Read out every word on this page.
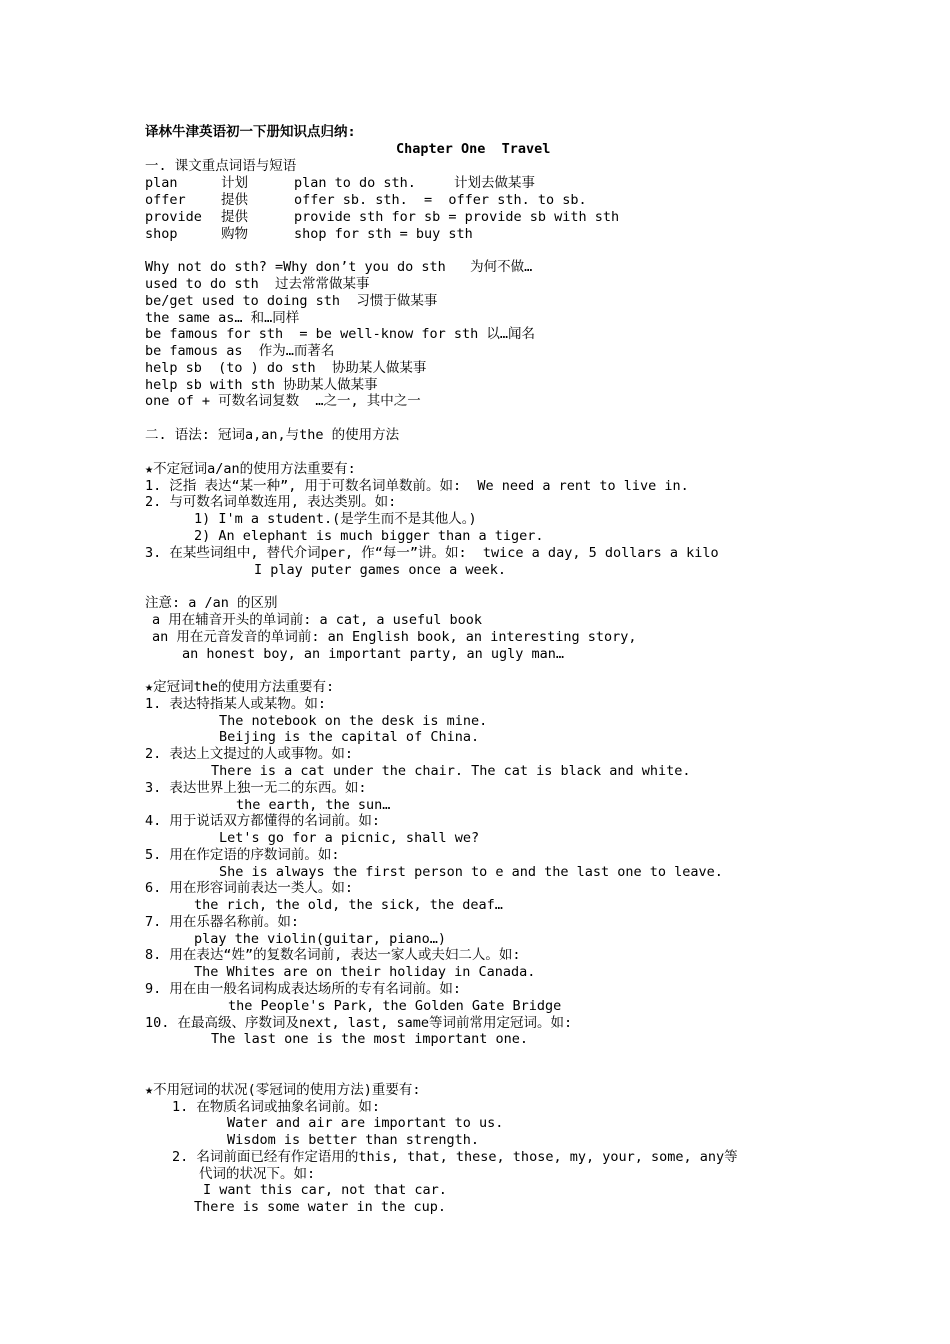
译林牛津英语初一下册知识点归纳:
Chapter One  Travel
一. 课文重点词语与短语
plan	计划	plan to do sth.	计划去做某事
offer	提供	offer sb. sth.  =  offer sth. to sb.
provide 提供	provide sth for sb = provide sb with sth
shop	购物	shop for sth = buy sth
Why not do sth? =Why don’t you do sth   为何不做…
used to do sth  过去常常做某事
be/get used to doing sth  习惯于做某事
the same as… 和…同样
be famous for sth  = be well-know for sth 以…闻名
be famous as  作为…而著名
help sb  (to ) do sth  协助某人做某事
help sb with sth 协助某人做某事
one of + 可数名词复数  …之一, 其中之一
二. 语法: 冠词a,an,与the 的使用方法
★不定冠词a/an的使用方法重要有:
1. 泛指 表达“某一种”, 用于可数名词单数前。如:  We need a rent to live in.
2. 与可数名词单数连用, 表达类别。如:
1) I'm a student.(是学生而不是其他人。)
2) An elephant is much bigger than a tiger.
3. 在某些词组中, 替代介词per, 作“每一”讲。如:  twice a day, 5 dollars a kilo
I play puter games once a week.
注意: a /an 的区别
a 用在辅音开头的单词前: a cat, a useful book
an 用在元音发音的单词前: an English book, an interesting story,
an honest boy, an important party, an ugly man…
★定冠词the的使用方法重要有:
1. 表达特指某人或某物。如:
The notebook on the desk is mine.
Beijing is the capital of China.
2. 表达上文提过的人或事物。如:
There is a cat under the chair. The cat is black and white.
3. 表达世界上独一无二的东西。如:
the earth, the sun…
4. 用于说话双方都懂得的名词前。如:
Let's go for a picnic, shall we?
5. 用在作定语的序数词前。如:
She is always the first person to e and the last one to leave.
6. 用在形容词前表达一类人。如:
the rich, the old, the sick, the deaf…
7. 用在乐器名称前。如:
play the violin(guitar, piano…)
8. 用在表达“姓”的复数名词前, 表达一家人或夫妇二人。如:
The Whites are on their holiday in Canada.
9. 用在由一般名词构成表达场所的专有名词前。如:
the People's Park, the Golden Gate Bridge
10. 在最高级、序数词及next, last, same等词前常用定冠词。如:
The last one is the most important one.
★不用冠词的状况(零冠词的使用方法)重要有:
1. 在物质名词或抽象名词前。如:
Water and air are important to us.
Wisdom is better than strength.
2. 名词前面已经有作定语用的this, that, these, those, my, your, some, any等
代词的状况下。如:
I want this car, not that car.
There is some water in the cup.
